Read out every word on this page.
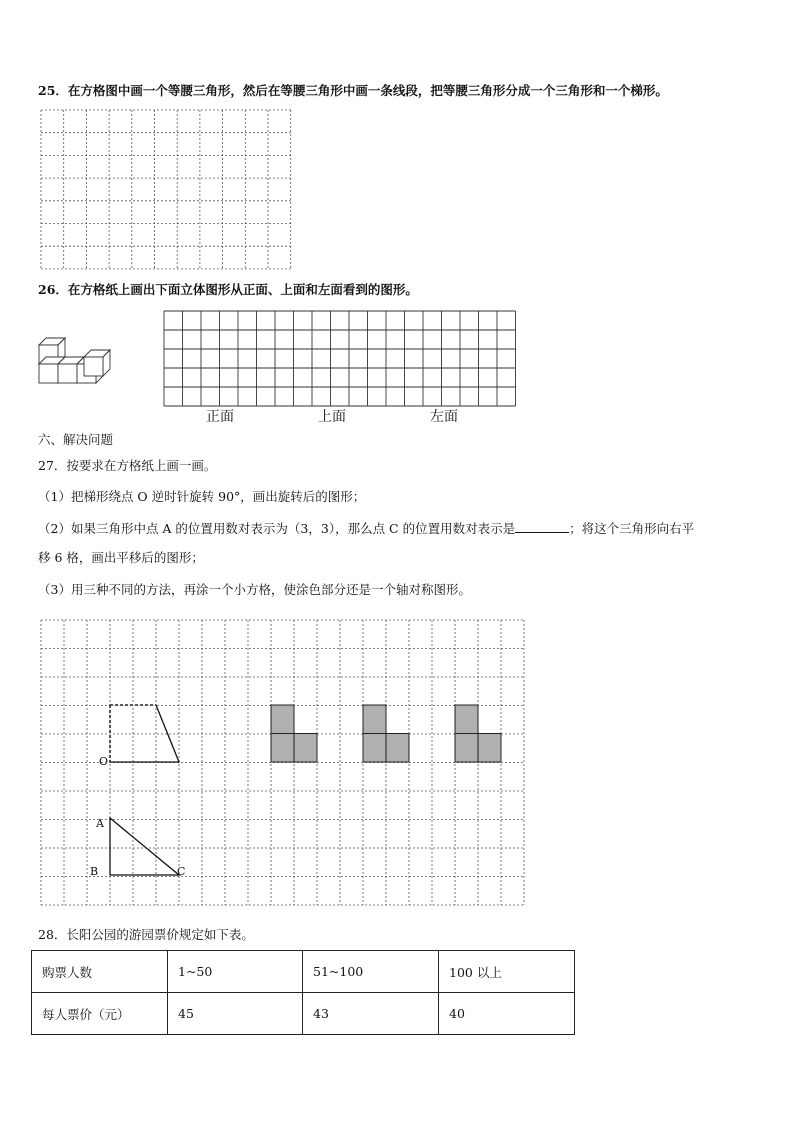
25．在方格图中画一个等腰三角形，然后在等腰三角形中画一条线段，把等腰三角形分成一个三角形和一个梯形。
26．在方格纸上画出下面立体图形从正面、上面和左面看到的图形。
正面	上面	左面
六、解决问题
27．按要求在方格纸上画一画。
（1）把梯形绕点 O 逆时针旋转 90°，画出旋转后的图形；
（2）如果三角形中点 A 的位置用数对表示为（3，3），那么点 C 的位置用数对表示是	；将这个三角形向右平
移 6 格，画出平移后的图形；
（3）用三种不同的方法，再涂一个小方格，使涂色部分还是一个轴对称图形。
O
A
B	C
28．长阳公园的游园票价规定如下表。
购票人数	1~50	51~100	100 以上
每人票价（元）	45	43	40
